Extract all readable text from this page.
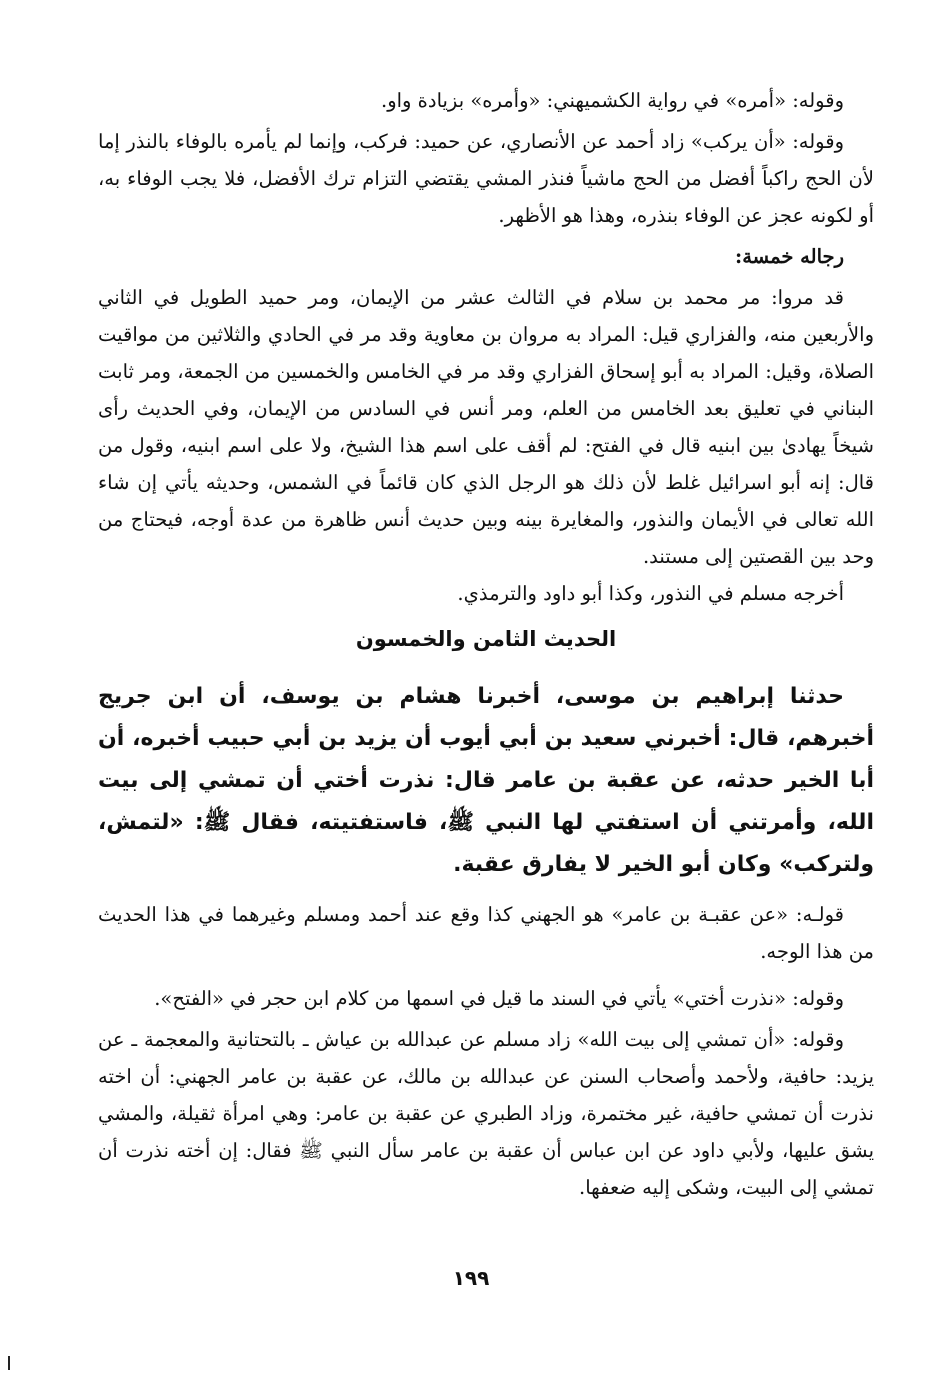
وقوله: «أمره» في رواية الكشميهني: «وأمره» بزيادة واو.

وقوله: «أن يركب» زاد أحمد عن الأنصاري، عن حميد: فركب، وإنما لم يأمره بالوفاء بالنذر إما لأن الحج راكباً أفضل من الحج ماشياً فنذر المشي يقتضي التزام ترك الأفضل، فلا يجب الوفاء به، أو لكونه عجز عن الوفاء بنذره، وهذا هو الأظهر.

رجاله خمسة:

قد مروا: مر محمد بن سلام في الثالث عشر من الإيمان، ومر حميد الطويل في الثاني والأربعين منه، والفزاري قيل: المراد به مروان بن معاوية وقد مر في الحادي والثلاثين من مواقيت الصلاة، وقيل: المراد به أبو إسحاق الفزاري وقد مر في الخامس والخمسين من الجمعة، ومر ثابت البناني في تعليق بعد الخامس من العلم، ومر أنس في السادس من الإيمان، وفي الحديث رأى شيخاً يهادىٰ بين ابنيه قال في الفتح: لم أقف على اسم هذا الشيخ، ولا على اسم ابنيه، وقول من قال: إنه أبو اسرائيل غلط لأن ذلك هو الرجل الذي كان قائماً في الشمس، وحديثه يأتي إن شاء الله تعالى في الأيمان والنذور، والمغايرة بينه وبين حديث أنس ظاهرة من عدة أوجه، فيحتاج من وحد بين القصتين إلى مستند.

أخرجه مسلم في النذور، وكذا أبو داود والترمذي.

الحديث الثامن والخمسون

حدثنا إبراهيم بن موسى، أخبرنا هشام بن يوسف، أن ابن جريج أخبرهم، قال: أخبرني سعيد بن أبي أيوب أن يزيد بن أبي حبيب أخبره، أن أبا الخير حدثه، عن عقبة بن عامر قال: نذرت أختي أن تمشي إلى بيت الله، وأمرتني أن استفتي لها النبي ﷺ، فاستفتيته، فقال ﷺ: «لتمش، ولتركب» وكان أبو الخير لا يفارق عقبة.

قولـه: «عن عقبـة بن عامر» هو الجهني كذا وقع عند أحمد ومسلم وغيرهما في هذا الحديث من هذا الوجه.

وقوله: «نذرت أختي» يأتي في السند ما قيل في اسمها من كلام ابن حجر في «الفتح».

وقوله: «أن تمشي إلى بيت الله» زاد مسلم عن عبدالله بن عياش ـ بالتحتانية والمعجمة ـ عن يزيد: حافية، ولأحمد وأصحاب السنن عن عبدالله بن مالك، عن عقبة بن عامر الجهني: أن اخته نذرت أن تمشي حافية، غير مختمرة، وزاد الطبري عن عقبة بن عامر: وهي امرأة ثقيلة، والمشي يشق عليها، ولأبي داود عن ابن عباس أن عقبة بن عامر سأل النبي ﷺ فقال: إن أخته نذرت أن تمشي إلى البيت، وشكى إليه ضعفها.

١٩٩
